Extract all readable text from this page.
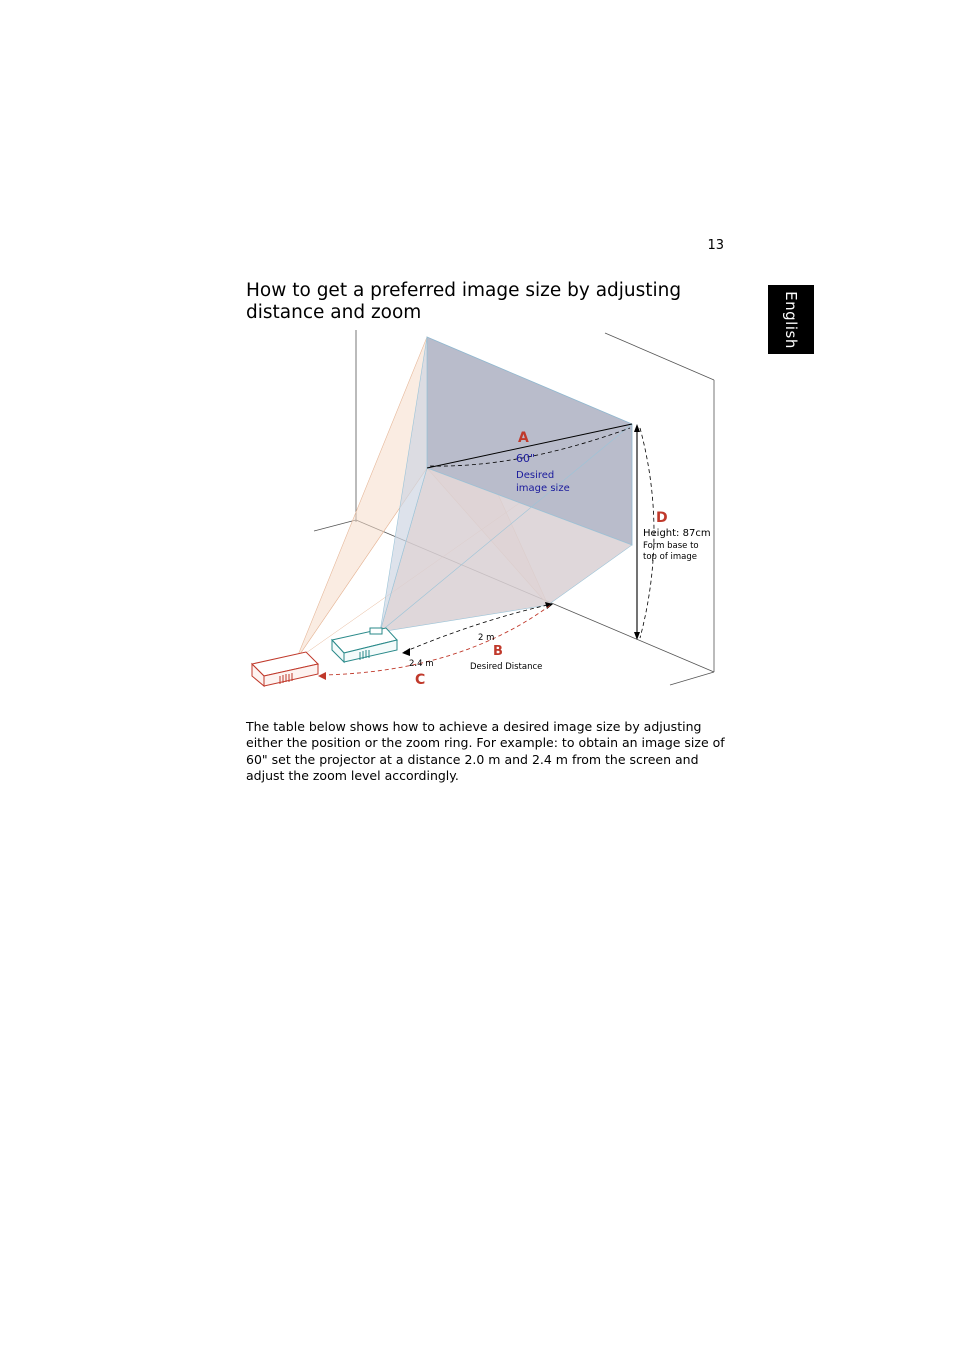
13
English
How to get a preferred image size by adjusting distance and zoom
A
60"
Desired
image size
D
Height: 87cm
Form base to
top of image
2 m
2.4 m
B
Desired Distance
C

The table below shows how to achieve a desired image size by adjusting either the position or the zoom ring. For example: to obtain an image size of 60" set the projector at a distance 2.0 m and 2.4 m from the screen and adjust the zoom level accordingly.
